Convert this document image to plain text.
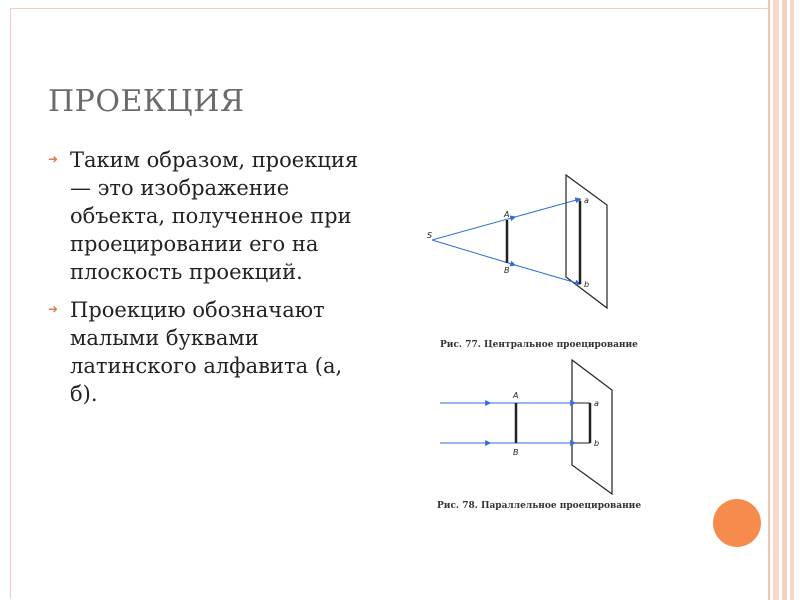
ПРОЕКЦИЯ
➜ Таким образом, проекция — это изображение объекта, полученное при проецировании его на плоскость проекций.
➜ Проекцию обозначают малыми буквами латинского алфавита (а, б).
S
A
B
a
b
Рис. 77. Центральное проецирование
A
B
a
b
Рис. 78. Параллельное проецирование
